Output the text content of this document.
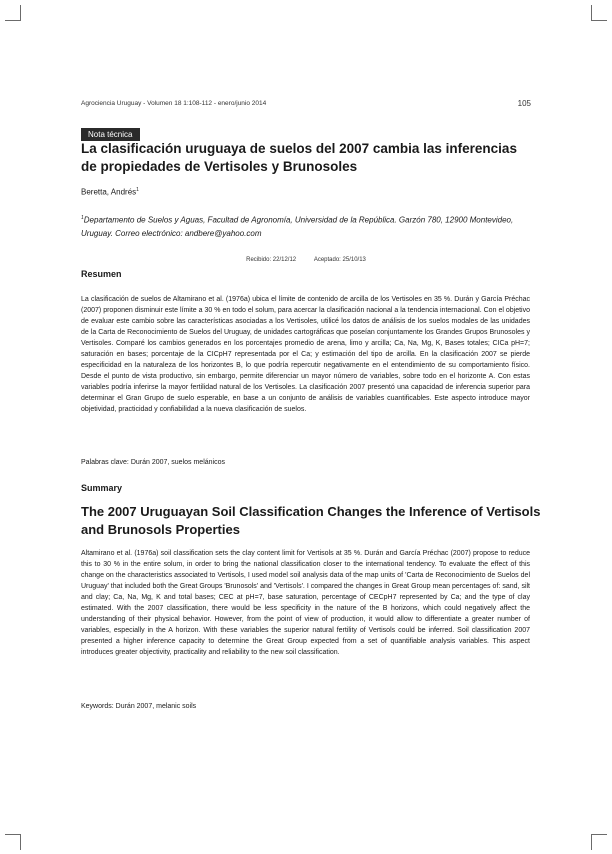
Agrociencia Uruguay - Volumen 18 1:108-112 - enero/junio 2014	105
Nota técnica
La clasificación uruguaya de suelos del 2007 cambia las inferencias de propiedades de Vertisoles y Brunosoles
Beretta, Andrés$^1$
$^1$Departamento de Suelos y Aguas, Facultad de Agronomía, Universidad de la República. Garzón 780, 12900 Montevideo, Uruguay. Correo electrónico: andbere@yahoo.com
Recibido: 22/12/12	Aceptado: 25/10/13
Resumen

La clasificación de suelos de Altamirano et al. (1976a) ubica el límite de contenido de arcilla de los Vertisoles en 35 %. Durán y García Préchac (2007) proponen disminuir este límite a 30 % en todo el solum, para acercar la clasificación nacional a la tendencia internacional. Con el objetivo de evaluar este cambio sobre las características asociadas a los Vertisoles, utilicé los datos de análisis de los suelos modales de las unidades de la Carta de Reconocimiento de Suelos del Uruguay, de unidades cartográficas que poseían conjuntamente los Grandes Grupos Brunosoles y Vertisoles. Comparé los cambios generados en los porcentajes promedio de arena, limo y arcilla; Ca, Na, Mg, K, Bases totales; CICa pH=7; saturación en bases; porcentaje de la CICpH7 representada por el Ca; y estimación del tipo de arcilla. En la clasificación 2007 se pierde especificidad en la naturaleza de los horizontes B, lo que podría repercutir negativamente en el entendimiento de su comportamiento físico. Desde el punto de vista productivo, sin embargo, permite diferenciar un mayor número de variables, sobre todo en el horizonte A. Con estas variables podría inferirse la mayor fertilidad natural de los Vertisoles. La clasificación 2007 presentó una capacidad de inferencia superior para determinar el Gran Grupo de suelo esperable, en base a un conjunto de análisis de variables cuantificables. Este aspecto introduce mayor objetividad, practicidad y confiabilidad a la nueva clasificación de suelos.

Palabras clave: Durán 2007, suelos melánicos
Summary
The 2007 Uruguayan Soil Classification Changes the Inference of Vertisols and Brunosols Properties

Altamirano et al. (1976a) soil classification sets the clay content limit for Vertisols at 35 %. Durán and García Préchac (2007) propose to reduce this to 30 % in the entire solum, in order to bring the national classification closer to the international tendency. To evaluate the effect of this change on the characteristics associated to Vertisols, I used model soil analysis data of the map units of 'Carta de Reconocimiento de Suelos del Uruguay' that included both the Great Groups 'Brunosols' and 'Vertisols'. I compared the changes in Great Group mean percentages of: sand, silt and clay; Ca, Na, Mg, K and total bases; CEC at pH=7, base saturation, percentage of CECpH7 represented by Ca; and the type of clay estimated. With the 2007 classification, there would be less specificity in the nature of the B horizons, which could negatively affect the understanding of their physical behavior. However, from the point of view of production, it would allow to differentiate a greater number of variables, especially in the A horizon. With these variables the superior natural fertility of Vertisols could be inferred. Soil classification 2007 presented a higher inference capacity to determine the Great Group expected from a set of quantifiable analysis variables. This aspect introduces greater objectivity, practicality and reliability to the new soil classification.

Keywords: Durán 2007, melanic soils
